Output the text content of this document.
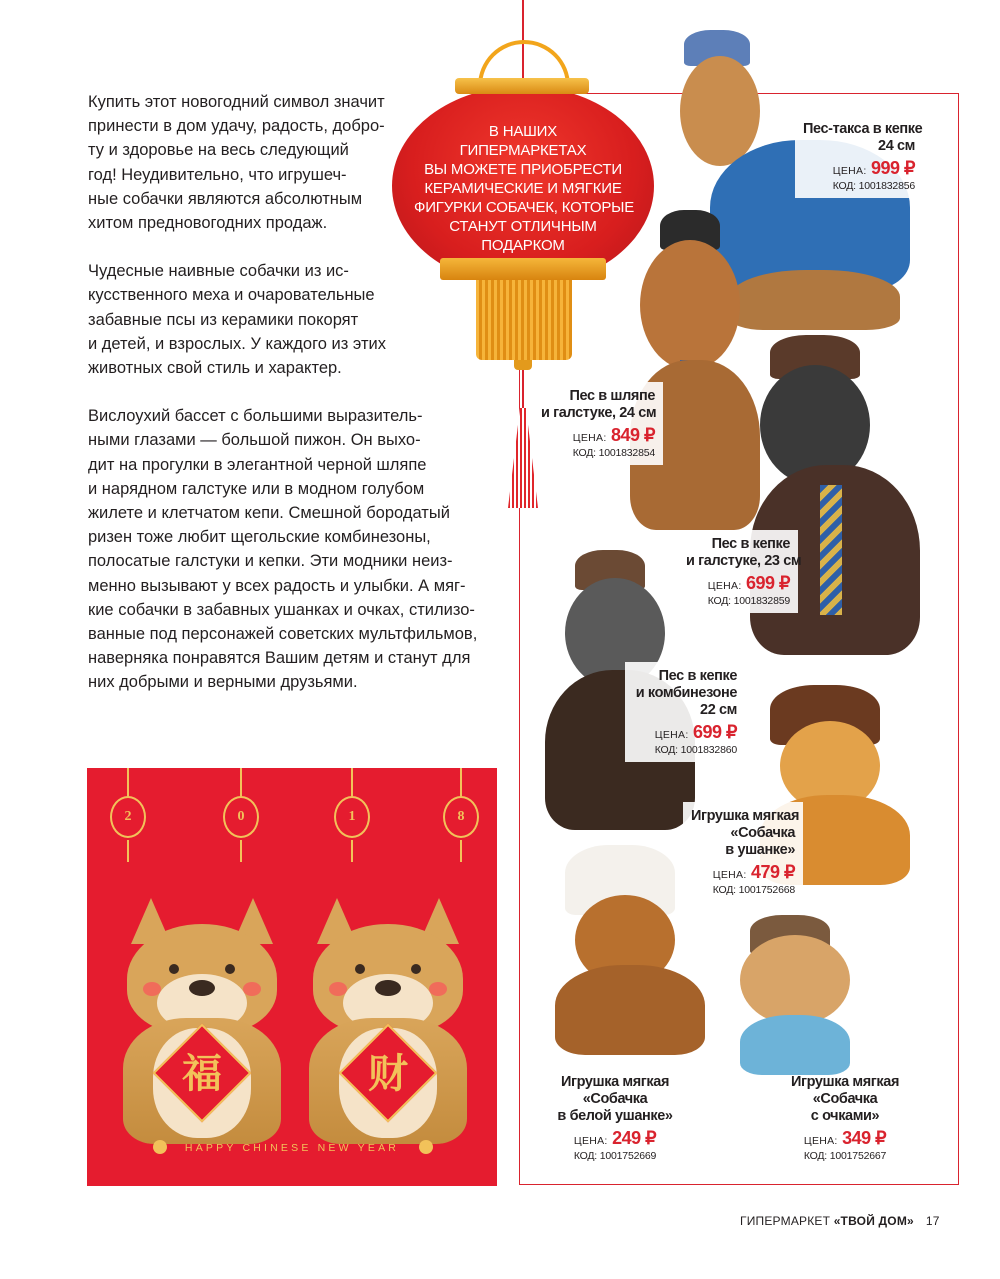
Купить этот новогодний символ значит
принести в дом удачу, радость, добро-
ту и здоровье на весь следующий
год! Неудивительно, что игрушеч-
ные собачки являются абсолютным
хитом предновогодних продаж.

Чудесные наивные собачки из ис-
кусственного меха и очаровательные
забавные псы из керамики покорят
и детей, и взрослых. У каждого из этих
животных свой стиль и характер.

Вислоухий бассет с большими выразитель-
ными глазами — большой пижон. Он выхо-
дит на прогулки в элегантной черной шляпе
и нарядном галстуке или в модном голубом
жилете и клетчатом кепи. Смешной бородатый
ризен тоже любит щегольские комбинезоны,
полосатые галстуки и кепки. Эти модники неиз-
менно вызывают у всех радость и улыбки. А мяг-
кие собачки в забавных ушанках и очках, стилизо-
ванные под персонажей советских мультфильмов,
наверняка понравятся Вашим детям и станут для
них добрыми и верными друзьями.

В НАШИХ
ГИПЕРМАРКЕТАХ
ВЫ МОЖЕТЕ ПРИОБРЕСТИ
КЕРАМИЧЕСКИЕ И МЯГКИЕ
ФИГУРКИ СОБАЧЕК, КОТОРЫЕ
СТАНУТ ОТЛИЧНЫМ
ПОДАРКОМ
Пес-такса в кепке
24 см
ЦЕНА: 999 ₽
КОД: 1001832856
Пес в шляпе
и галстуке, 24 см
ЦЕНА: 849 ₽
КОД: 1001832854
Пес в кепке
и галстуке, 23 см
ЦЕНА: 699 ₽
КОД: 1001832859
Пес в кепке
и комбинезоне
22 см
ЦЕНА: 699 ₽
КОД: 1001832860
Игрушка мягкая
«Собачка
в ушанке»
ЦЕНА: 479 ₽
КОД: 1001752668
Игрушка мягкая
«Собачка
в белой ушанке»
ЦЕНА: 249 ₽
КОД: 1001752669
Игрушка мягкая
«Собачка
с очками»
ЦЕНА: 349 ₽
КОД: 1001752667
2	0	1	8
福	财
HAPPY CHINESE NEW YEAR
ГИПЕРМАРКЕТ «ТВОЙ ДОМ» 17
